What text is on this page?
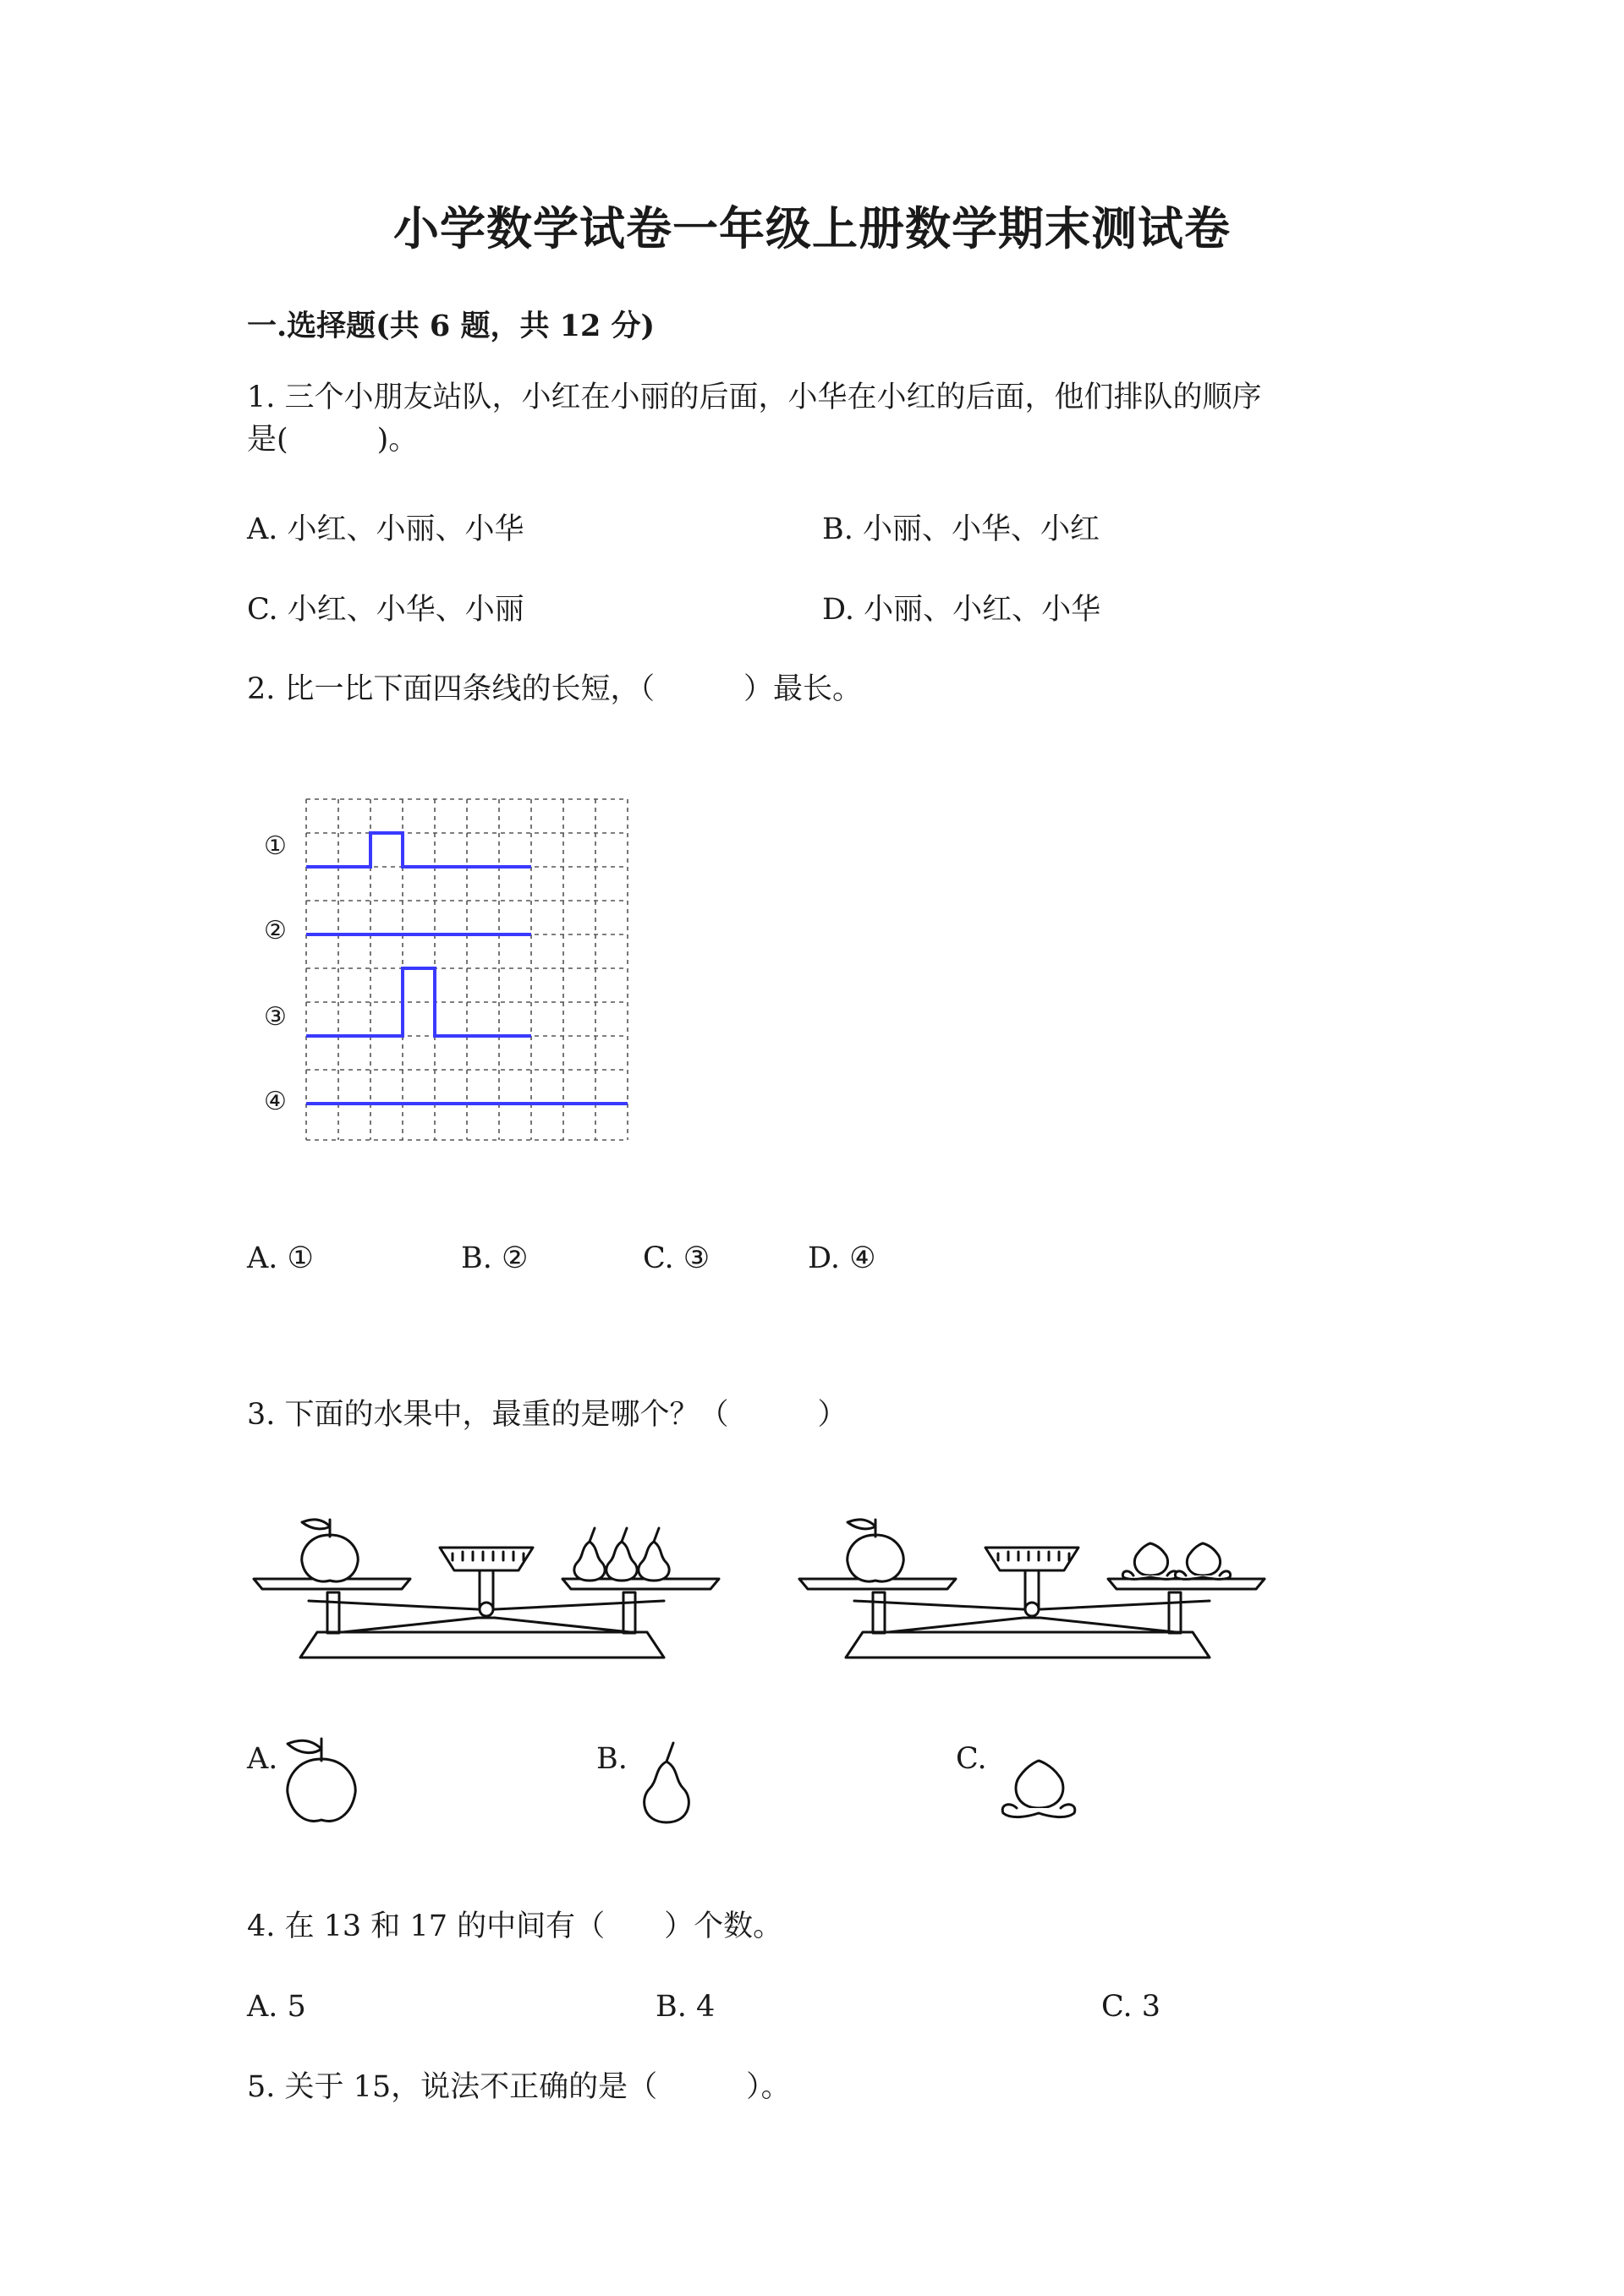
小学数学试卷一年级上册数学期末测试卷
一.选择题(共 6 题，共 12 分)
1. 三个小朋友站队，小红在小丽的后面，小华在小红的后面，他们排队的顺序
是(　　　)。
A. 小红、小丽、小华	B. 小丽、小华、小红
C. 小红、小华、小丽	D. 小丽、小红、小华
2. 比一比下面四条线的长短，（　　　）最长。
①
②
③
④
A. ①	B. ②	C. ③	D. ④
3. 下面的水果中，最重的是哪个？（　　　）
A.	B.	C.
4. 在 13 和 17 的中间有（　　）个数。
A. 5	B. 4	C. 3
5. 关于 15，说法不正确的是（　　　）。
